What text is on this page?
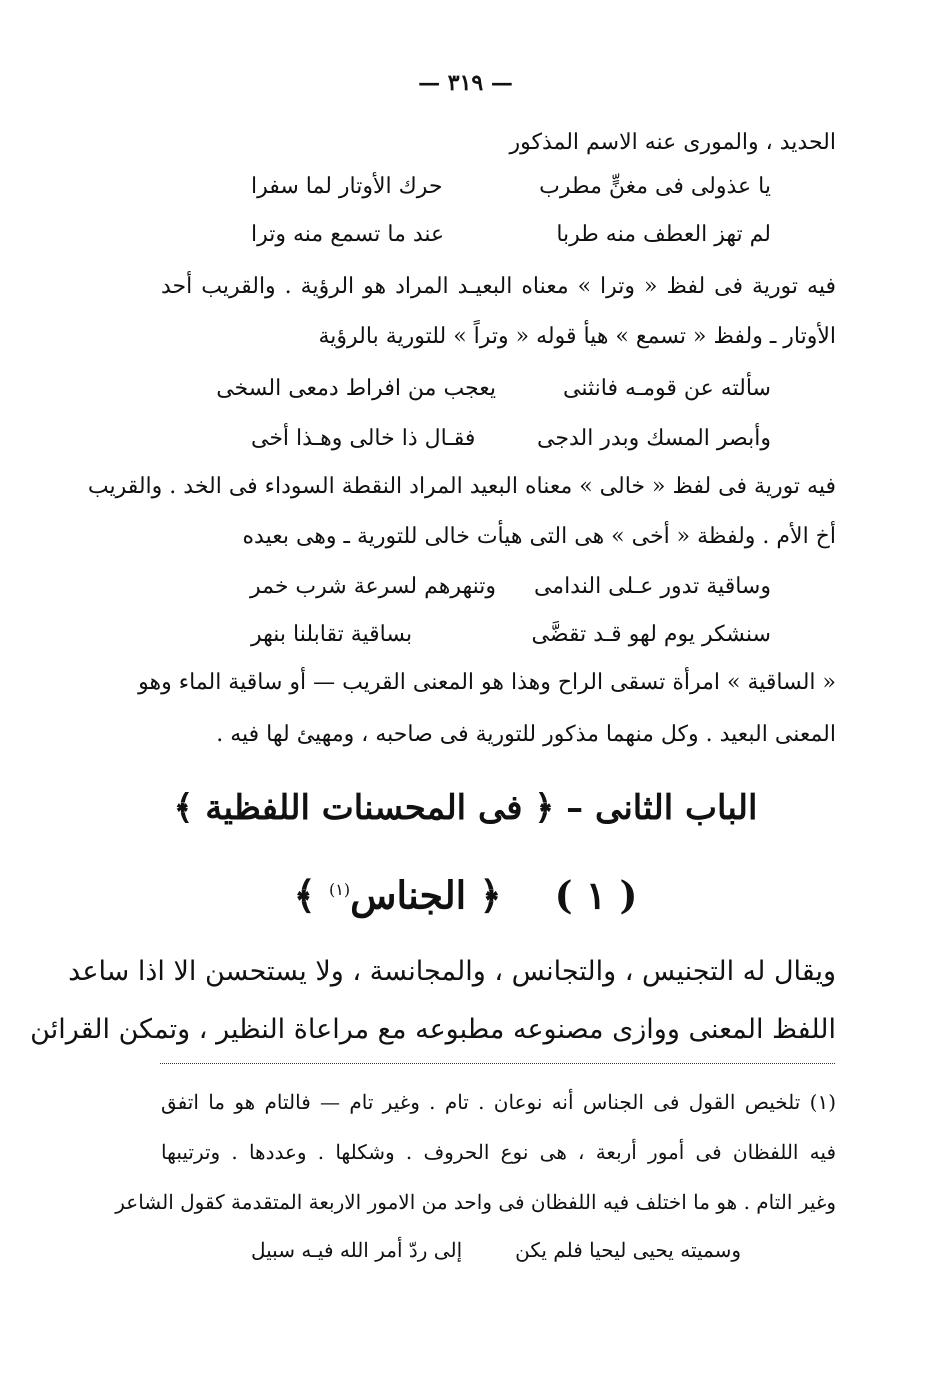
— ٣١٩ —
الحديد ، والمورى عنه الاسم المذكور
يا عذولى فى مغنٍّ مطرب
حرك الأوتار لما سفرا
لم تهز العطف منه طربا
عند ما تسمع منه وترا
فيه تورية فى لفظ « وترا » معناه البعيـد المراد هو الرؤية . والقريب أحد
الأوتار ـ ولفظ « تسمع » هيأ قوله « وتراً » للتورية بالرؤية
سألته عن قومـه فانثنى
يعجب من افراط دمعى السخى
وأبصر المسك وبدر الدجى
فقـال ذا خالى وهـذا أخى
فيه تورية فى لفظ « خالى » معناه البعيد المراد النقطة السوداء فى الخد . والقريب
أخ الأم . ولفظة « أخى » هى التى هيأت خالى للتورية ـ وهى بعيده
وساقية تدور عـلى الندامى
وتنهرهم لسرعة شرب خمر
سنشكر يوم لهو قـد تقضَّى
بساقية تقابلنا بنهر
« الساقية » امرأة تسقى الراح وهذا هو المعنى القريب — أو ساقية الماء وهو
المعنى البعيد . وكل منهما مذكور للتورية فى صاحبه ، ومهيئ لها فيه .
الباب الثانى – ﴿ فى المحسنات اللفظية ﴾
( ١ )    ﴿ الجناس$^{(١)}$ ﴾
ويقال له التجنيس ، والتجانس ، والمجانسة ، ولا يستحسن الا اذا ساعد
اللفظ المعنى ووازى مصنوعه مطبوعه مع مراعاة النظير ، وتمكن القرائن
(١) تلخيص القول فى الجناس أنه نوعان . تام . وغير تام — فالتام هو ما اتفق
فيه اللفظان فى أمور أربعة ، هى نوع الحروف . وشكلها . وعددها . وترتيبها
وغير التام . هو ما اختلف فيه اللفظان فى واحد من الامور الاربعة المتقدمة كقول الشاعر
وسميته يحيى ليحيا فلم يكن
إلى ردّ أمر الله فيـه سبيل
